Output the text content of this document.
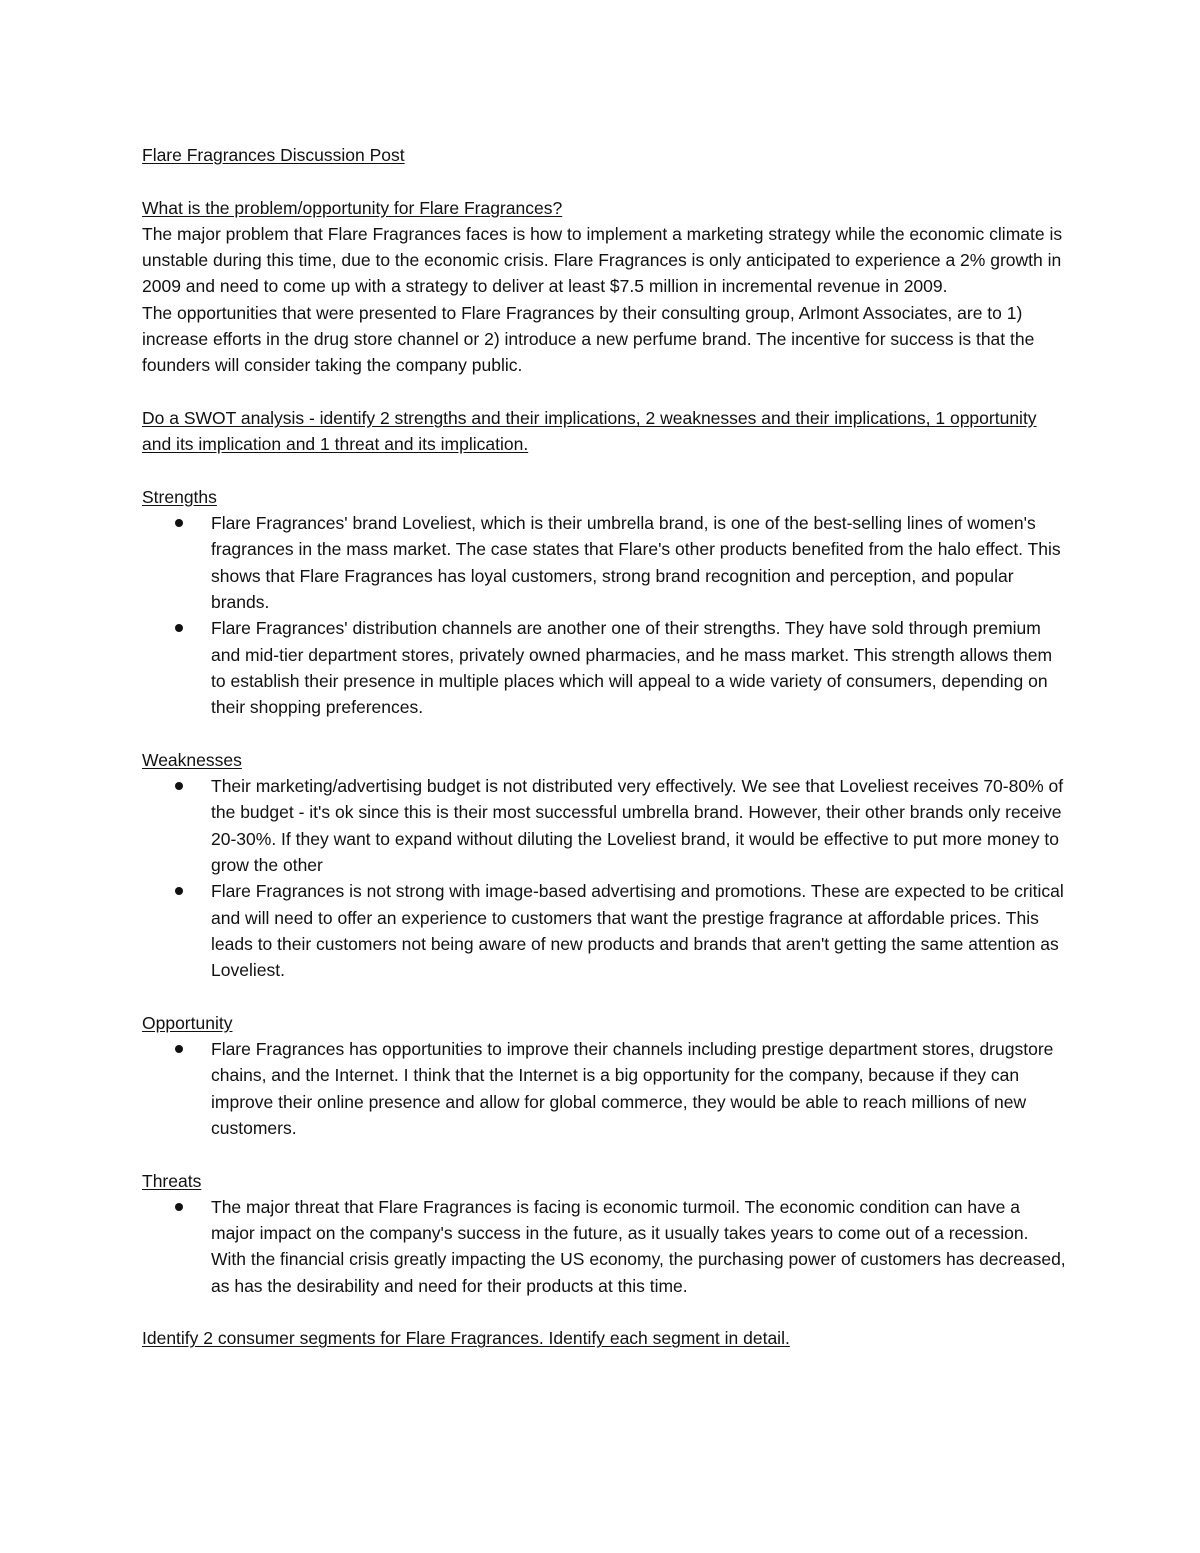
Flare Fragrances Discussion Post

What is the problem/opportunity for Flare Fragrances?

The major problem that Flare Fragrances faces is how to implement a marketing strategy while the economic climate is unstable during this time, due to the economic crisis. Flare Fragrances is only anticipated to experience a 2% growth in 2009 and need to come up with a strategy to deliver at least $7.5 million in incremental revenue in 2009.

The opportunities that were presented to Flare Fragrances by their consulting group, Arlmont Associates, are to 1) increase efforts in the drug store channel or 2) introduce a new perfume brand. The incentive for success is that the founders will consider taking the company public.

Do a SWOT analysis - identify 2 strengths and their implications, 2 weaknesses and their implications, 1 opportunity and its implication and 1 threat and its implication.

Strengths

Flare Fragrances' brand Loveliest, which is their umbrella brand, is one of the best-selling lines of women's fragrances in the mass market. The case states that Flare's other products benefited from the halo effect. This shows that Flare Fragrances has loyal customers, strong brand recognition and perception, and popular brands.
Flare Fragrances' distribution channels are another one of their strengths. They have sold through premium and mid-tier department stores, privately owned pharmacies, and he mass market. This strength allows them to establish their presence in multiple places which will appeal to a wide variety of consumers, depending on their shopping preferences.

Weaknesses

Their marketing/advertising budget is not distributed very effectively. We see that Loveliest receives 70-80% of the budget - it's ok since this is their most successful umbrella brand. However, their other brands only receive 20-30%. If they want to expand without diluting the Loveliest brand, it would be effective to put more money to grow the other
Flare Fragrances is not strong with image-based advertising and promotions. These are expected to be critical and will need to offer an experience to customers that want the prestige fragrance at affordable prices. This leads to their customers not being aware of new products and brands that aren't getting the same attention as Loveliest.

Opportunity

Flare Fragrances has opportunities to improve their channels including prestige department stores, drugstore chains, and the Internet. I think that the Internet is a big opportunity for the company, because if they can improve their online presence and allow for global commerce, they would be able to reach millions of new customers.

Threats

The major threat that Flare Fragrances is facing is economic turmoil. The economic condition can have a major impact on the company's success in the future, as it usually takes years to come out of a recession. With the financial crisis greatly impacting the US economy, the purchasing power of customers has decreased, as has the desirability and need for their products at this time.

Identify 2 consumer segments for Flare Fragrances. Identify each segment in detail.
